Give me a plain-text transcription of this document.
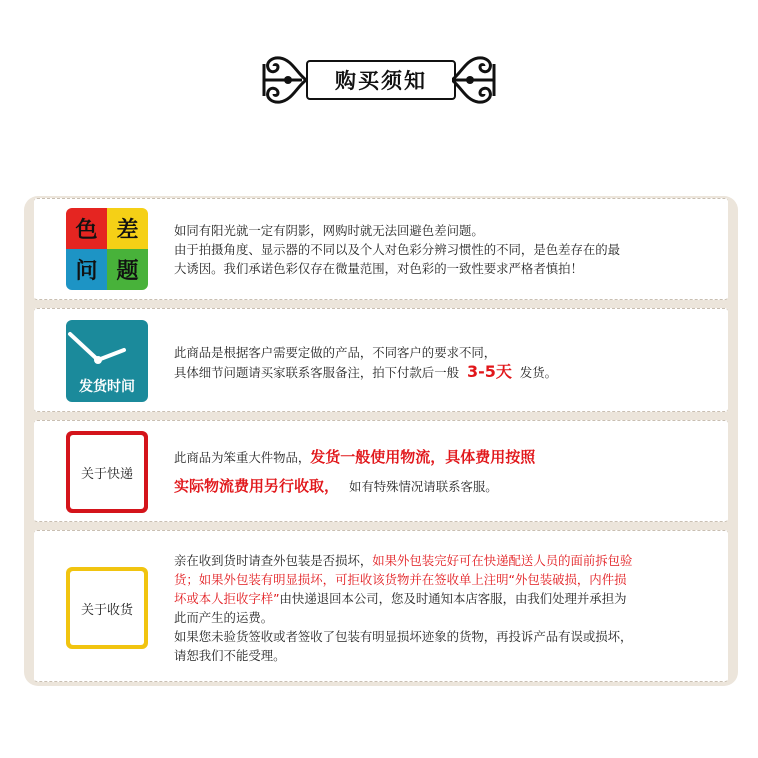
购买须知
色 差
问 题
如同有阳光就一定有阴影，网购时就无法回避色差问题。
由于拍摄角度、显示器的不同以及个人对色彩分辨习惯性的不同，是色差存在的最
大诱因。我们承诺色彩仅存在微量范围，对色彩的一致性要求严格者慎拍！
发货时间
此商品是根据客户需要定做的产品，不同客户的要求不同，
具体细节问题请买家联系客服备注，拍下付款后一般 3-5天 发货。
关于快递
此商品为笨重大件物品，发货一般使用物流，具体费用按照
实际物流费用另行收取， 如有特殊情况请联系客服。
关于收货
亲在收到货时请查外包装是否损坏，如果外包装完好可在快递配送人员的面前拆包验
货；如果外包装有明显损坏，可拒收该货物并在签收单上注明“外包装破损，内件损
坏或本人拒收字样”由快递退回本公司，您及时通知本店客服，由我们处理并承担为
此而产生的运费。
如果您未验货签收或者签收了包装有明显损坏迹象的货物，再投诉产品有误或损坏，
请恕我们不能受理。
